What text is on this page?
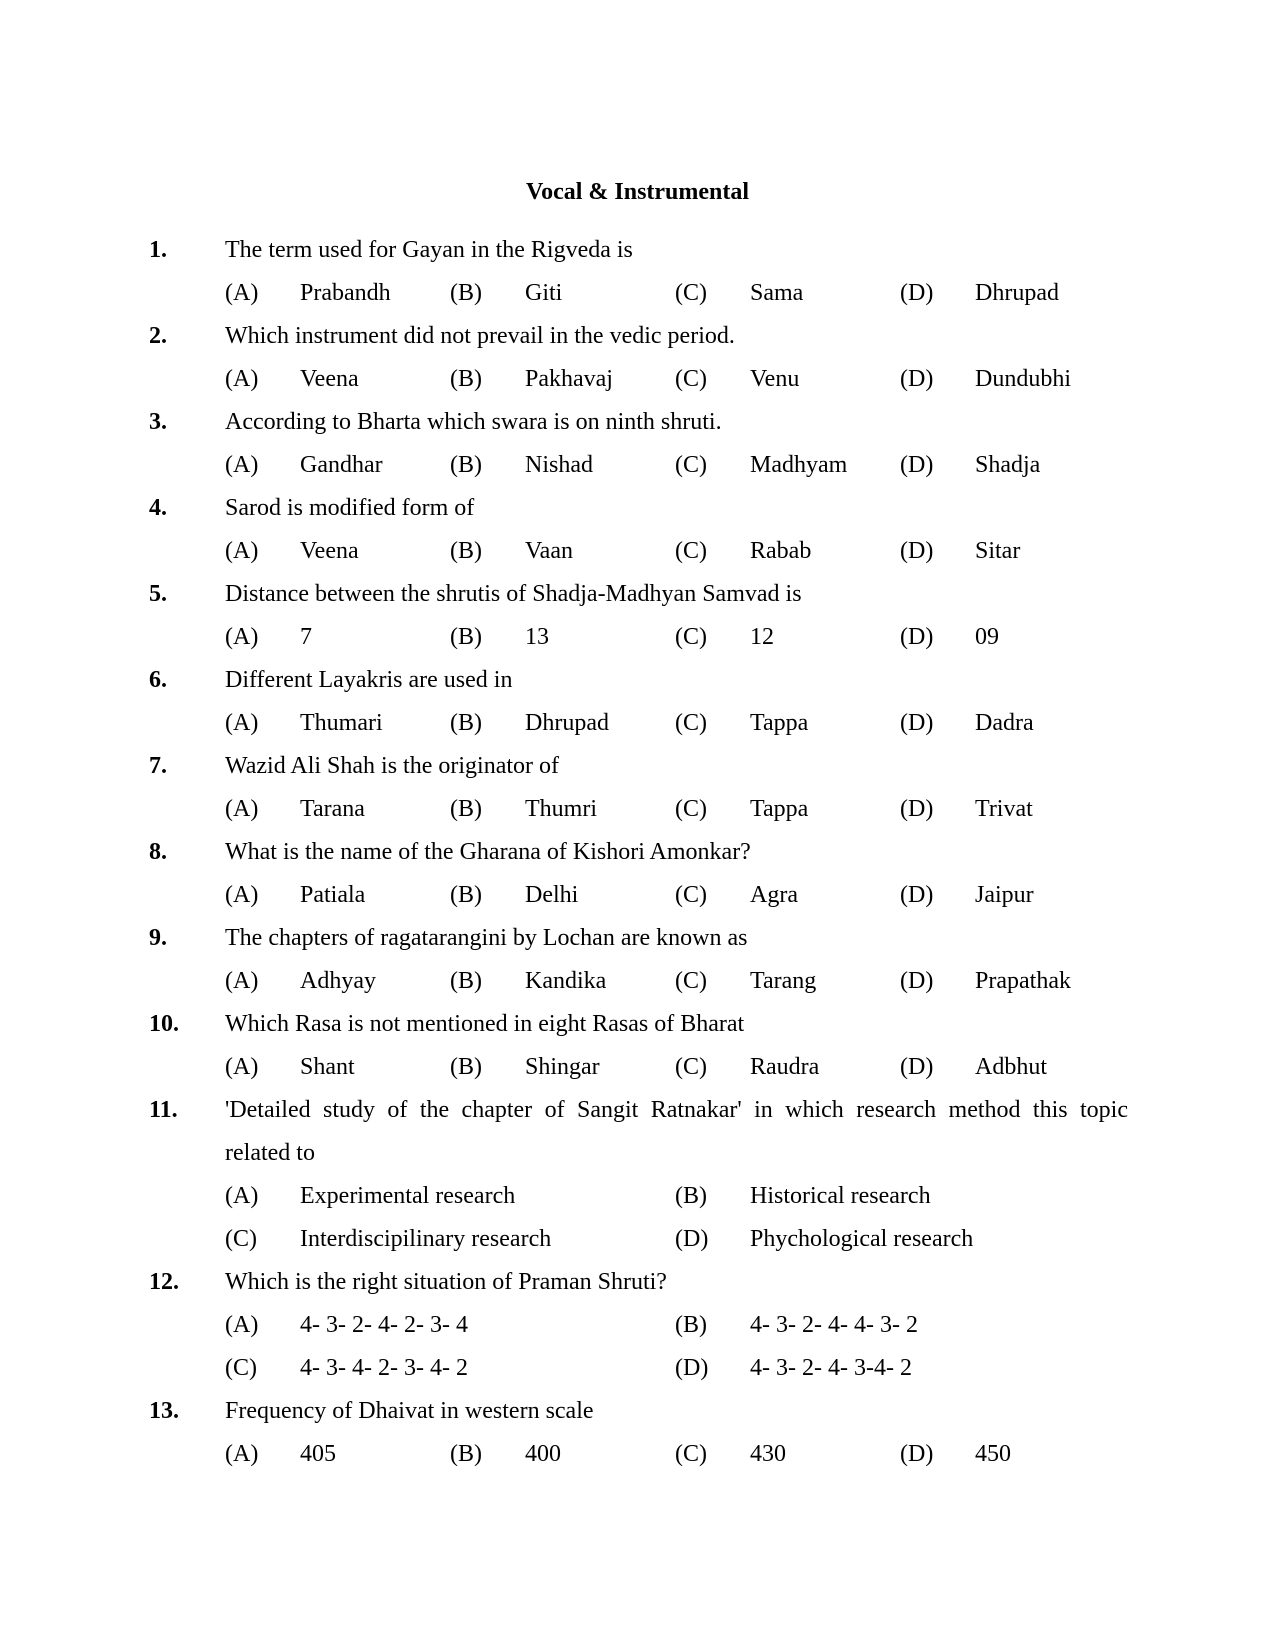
Vocal & Instrumental
1. The term used for Gayan in the Rigveda is
(A) Prabandh (B) Giti	(C) Sama	(D) Dhrupad
2. Which instrument did not prevail in the vedic period.
(A) Veena	(B) Pakhavaj	(C) Venu	(D) Dundubhi
3. According to Bharta which swara is on ninth shruti.
(A) Gandhar	(B) Nishad	(C) Madhyam (D) Shadja
4. Sarod is modified form of
(A) Veena	(B) Vaan	(C) Rabab	(D) Sitar
5. Distance between the shrutis of Shadja-Madhyan Samvad is
(A) 7	(B) 13	(C) 12	(D) 09
6. Different Layakris are used in
(A) Thumari	(B) Dhrupad	(C) Tappa	(D) Dadra
7. Wazid Ali Shah is the originator of
(A) Tarana	(B) Thumri	(C) Tappa	(D) Trivat
8. What is the name of the Gharana of Kishori Amonkar?
(A) Patiala	(B) Delhi	(C) Agra	(D) Jaipur
9. The chapters of ragatarangini by Lochan are known as
(A) Adhyay	(B) Kandika	(C) Tarang	(D) Prapathak
10. Which Rasa is not mentioned in eight Rasas of Bharat
(A) Shant	(B) Shingar	(C) Raudra	(D) Adbhut
11. 'Detailed study of the chapter of Sangit Ratnakar' in which research method this topic
related to
(A) Experimental research	(B) Historical research
(C) Interdiscipilinary research	(D) Phychological research
12. Which is the right situation of Praman Shruti?
(A) 4- 3- 2- 4- 2- 3- 4	(B) 4- 3- 2- 4- 4- 3- 2
(C) 4- 3- 4- 2- 3- 4- 2	(D) 4- 3- 2- 4- 3-4- 2
13. Frequency of Dhaivat in western scale
(A) 405	(B) 400	(C) 430	(D) 450
